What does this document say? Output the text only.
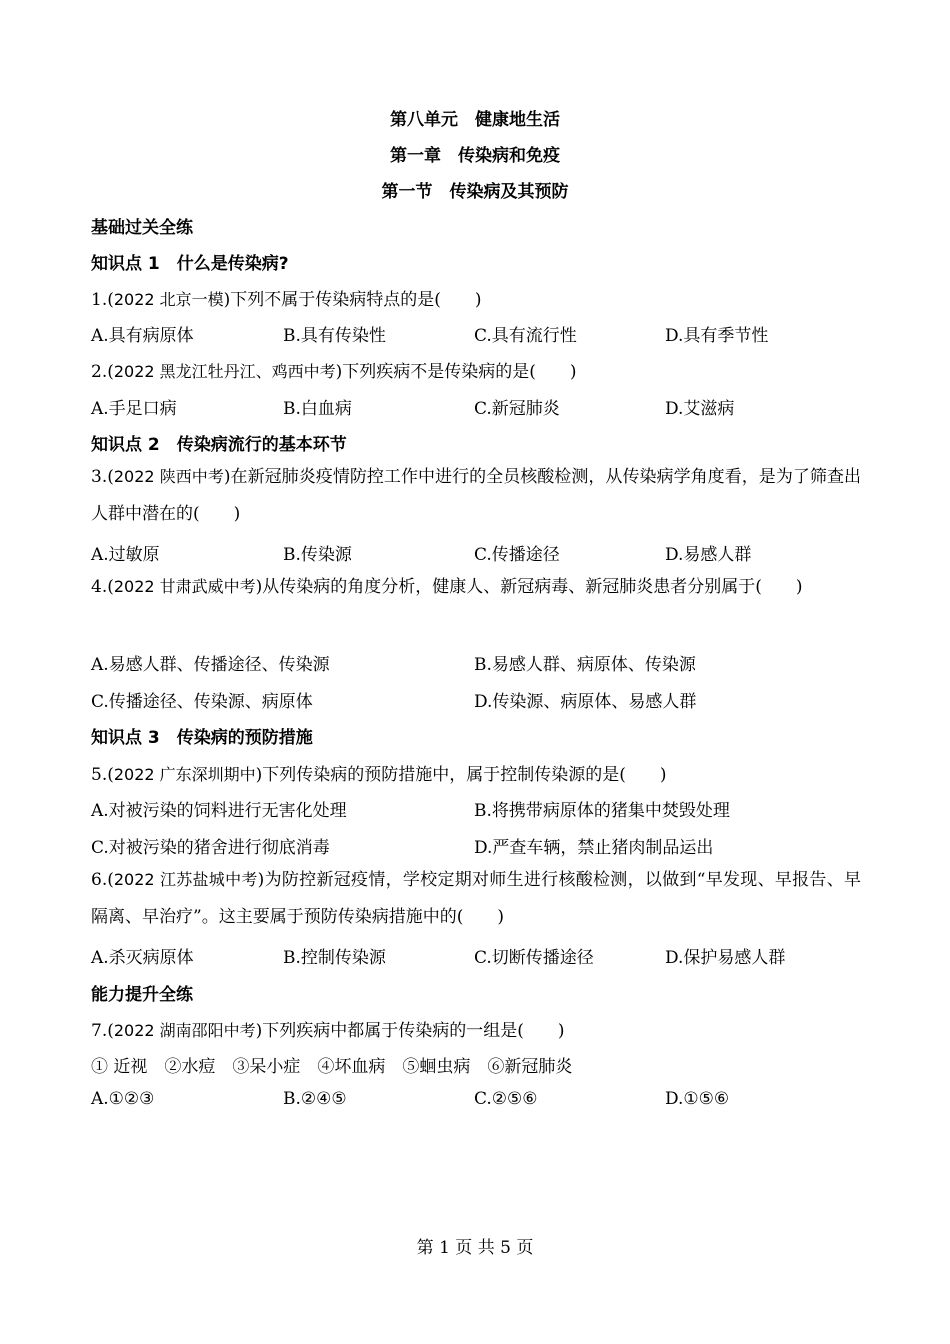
第八单元　健康地生活
第一章　传染病和免疫
第一节　传染病及其预防
基础过关全练
知识点 1　什么是传染病?
1.(2022 北京一模)下列不属于传染病特点的是(　　)
A.具有病原体	B.具有传染性	C.具有流行性	D.具有季节性
2.(2022 黑龙江牡丹江、鸡西中考)下列疾病不是传染病的是(　　)
A.手足口病	B.白血病	C.新冠肺炎	D.艾滋病
知识点 2　传染病流行的基本环节
3.(2022 陕西中考)在新冠肺炎疫情防控工作中进行的全员核酸检测，从传染病学角度看，是为了筛查出人群中潜在的(　　)
A.过敏原	B.传染源	C.传播途径	D.易感人群
4.(2022 甘肃武威中考)从传染病的角度分析，健康人、新冠病毒、新冠肺炎患者分别属于(　　)
A.易感人群、传播途径、传染源	B.易感人群、病原体、传染源
C.传播途径、传染源、病原体	D.传染源、病原体、易感人群
知识点 3　传染病的预防措施
5.(2022 广东深圳期中)下列传染病的预防措施中，属于控制传染源的是(　　)
A.对被污染的饲料进行无害化处理	B.将携带病原体的猪集中焚毁处理
C.对被污染的猪舍进行彻底消毒	D.严查车辆，禁止猪肉制品运出
6.(2022 江苏盐城中考)为防控新冠疫情，学校定期对师生进行核酸检测，以做到“早发现、早报告、早隔离、早治疗”。这主要属于预防传染病措施中的(　　)
A.杀灭病原体	B.控制传染源	C.切断传播途径	D.保护易感人群
能力提升全练
7.(2022 湖南邵阳中考)下列疾病中都属于传染病的一组是(　　)
① 近视　②水痘　③呆小症　④坏血病　⑤蛔虫病　⑥新冠肺炎
A.①②③	B.②④⑤	C.②⑤⑥	D.①⑤⑥
第 1 页 共 5 页
